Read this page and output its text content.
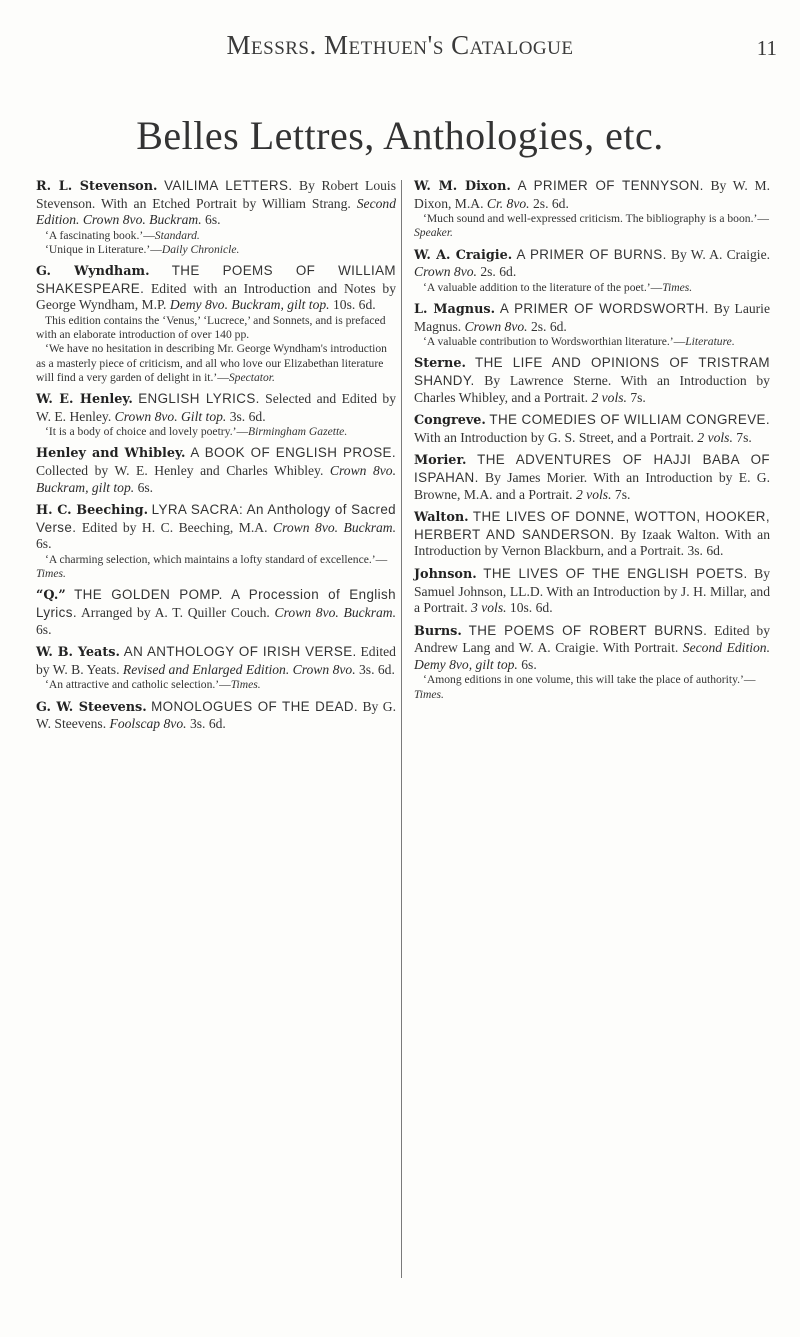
Messrs. Methuen's Catalogue	11
Belles Lettres, Anthologies, etc.
R. L. Stevenson. VAILIMA LETTERS. By Robert Louis Stevenson. With an Etched Portrait by William Strang. Second Edition. Crown 8vo. Buckram. 6s.
‘A fascinating book.’—Standard.
‘Unique in Literature.’—Daily Chronicle.
G. Wyndham. THE POEMS OF WILLIAM SHAKESPEARE. Edited with an Introduction and Notes by George Wyndham, M.P. Demy 8vo. Buckram, gilt top. 10s. 6d.
This edition contains the ‘Venus,’ ‘Lucrece,’ and Sonnets, and is prefaced with an elaborate introduction of over 140 pp.
‘We have no hesitation in describing Mr. George Wyndham's introduction as a masterly piece of criticism, and all who love our Elizabethan literature will find a very garden of delight in it.’—Spectator.
W. E. Henley. ENGLISH LYRICS. Selected and Edited by W. E. Henley. Crown 8vo. Gilt top. 3s. 6d.
‘It is a body of choice and lovely poetry.’—Birmingham Gazette.
Henley and Whibley. A BOOK OF ENGLISH PROSE. Collected by W. E. Henley and Charles Whibley. Crown 8vo. Buckram, gilt top. 6s.
H. C. Beeching. LYRA SACRA: An Anthology of Sacred Verse. Edited by H. C. Beeching, M.A. Crown 8vo. Buckram. 6s.
‘A charming selection, which maintains a lofty standard of excellence.’—Times.
“Q.” THE GOLDEN POMP. A Procession of English Lyrics. Arranged by A. T. Quiller Couch. Crown 8vo. Buckram. 6s.
W. B. Yeats. AN ANTHOLOGY OF IRISH VERSE. Edited by W. B. Yeats. Revised and Enlarged Edition. Crown 8vo. 3s. 6d.
‘An attractive and catholic selection.’—Times.
G. W. Steevens. MONOLOGUES OF THE DEAD. By G. W. Steevens. Foolscap 8vo. 3s. 6d.
W. M. Dixon. A PRIMER OF TENNYSON. By W. M. Dixon, M.A. Cr. 8vo. 2s. 6d.
‘Much sound and well-expressed criticism. The bibliography is a boon.’—Speaker.
W. A. Craigie. A PRIMER OF BURNS. By W. A. Craigie. Crown 8vo. 2s. 6d.
‘A valuable addition to the literature of the poet.’—Times.
L. Magnus. A PRIMER OF WORDSWORTH. By Laurie Magnus. Crown 8vo. 2s. 6d.
‘A valuable contribution to Wordsworthian literature.’—Literature.
Sterne. THE LIFE AND OPINIONS OF TRISTRAM SHANDY. By Lawrence Sterne. With an Introduction by Charles Whibley, and a Portrait. 2 vols. 7s.
Congreve. THE COMEDIES OF WILLIAM CONGREVE. With an Introduction by G. S. Street, and a Portrait. 2 vols. 7s.
Morier. THE ADVENTURES OF HAJJI BABA OF ISPAHAN. By James Morier. With an Introduction by E. G. Browne, M.A. and a Portrait. 2 vols. 7s.
Walton. THE LIVES OF DONNE, WOTTON, HOOKER, HERBERT AND SANDERSON. By Izaak Walton. With an Introduction by Vernon Blackburn, and a Portrait. 3s. 6d.
Johnson. THE LIVES OF THE ENGLISH POETS. By Samuel Johnson, LL.D. With an Introduction by J. H. Millar, and a Portrait. 3 vols. 10s. 6d.
Burns. THE POEMS OF ROBERT BURNS. Edited by Andrew Lang and W. A. Craigie. With Portrait. Second Edition. Demy 8vo, gilt top. 6s.
‘Among editions in one volume, this will take the place of authority.’—Times.
